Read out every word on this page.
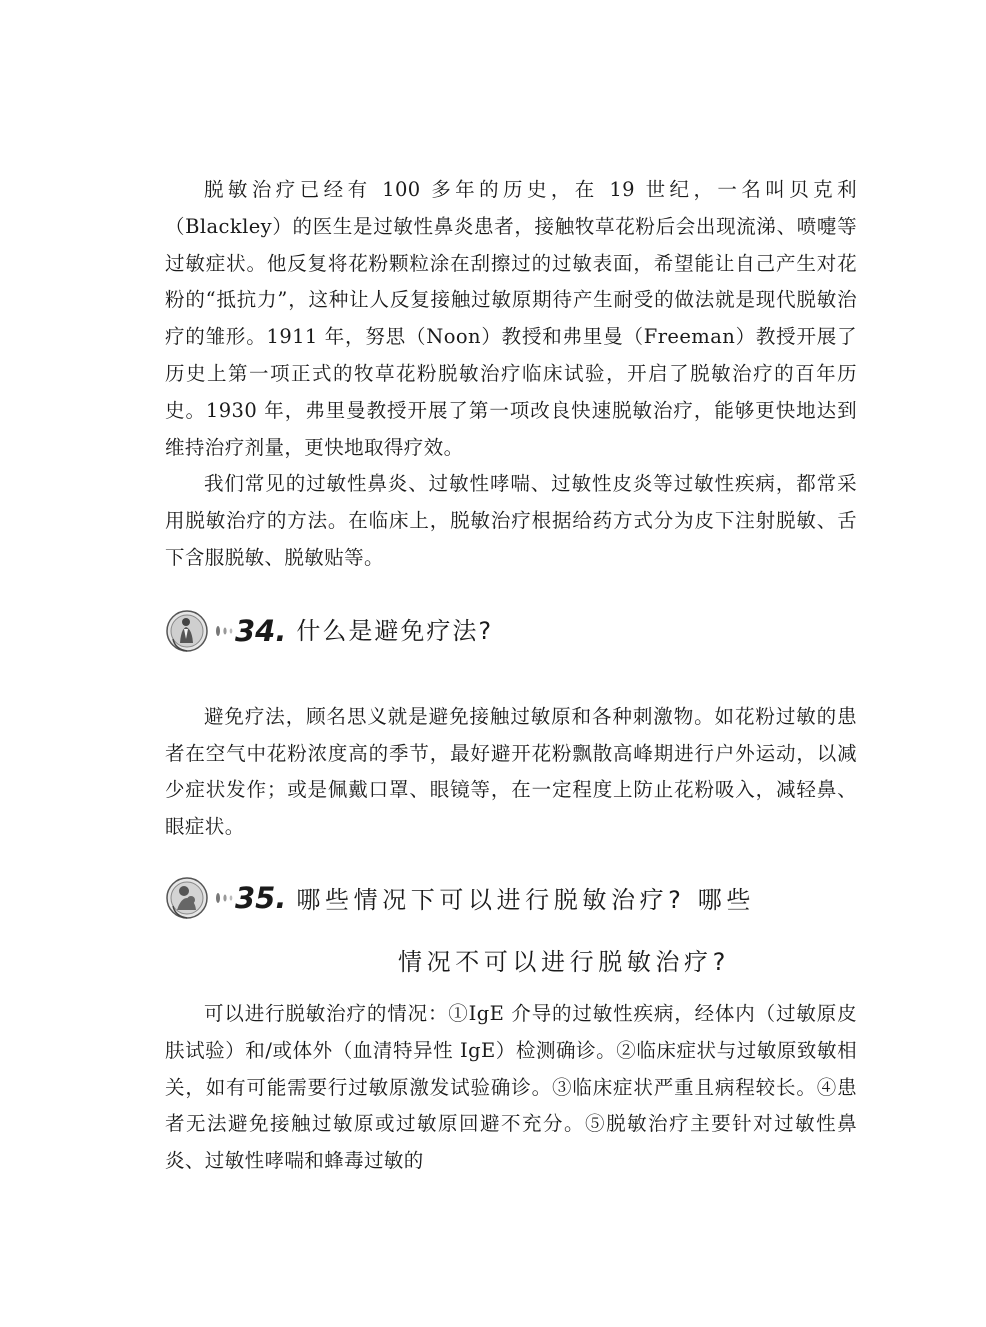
脱敏治疗已经有 100 多年的历史，在 19 世纪，一名叫贝克利（Blackley）的医生是过敏性鼻炎患者，接触牧草花粉后会出现流涕、喷嚏等过敏症状。他反复将花粉颗粒涂在刮擦过的过敏表面，希望能让自己产生对花粉的“抵抗力”，这种让人反复接触过敏原期待产生耐受的做法就是现代脱敏治疗的雏形。1911 年，努思（Noon）教授和弗里曼（Freeman）教授开展了历史上第一项正式的牧草花粉脱敏治疗临床试验，开启了脱敏治疗的百年历史。1930 年，弗里曼教授开展了第一项改良快速脱敏治疗，能够更快地达到维持治疗剂量，更快地取得疗效。

我们常见的过敏性鼻炎、过敏性哮喘、过敏性皮炎等过敏性疾病，都常采用脱敏治疗的方法。在临床上，脱敏治疗根据给药方式分为皮下注射脱敏、舌下含服脱敏、脱敏贴等。

34. 什么是避免疗法?

避免疗法，顾名思义就是避免接触过敏原和各种刺激物。如花粉过敏的患者在空气中花粉浓度高的季节，最好避开花粉飘散高峰期进行户外运动，以减少症状发作；或是佩戴口罩、眼镜等，在一定程度上防止花粉吸入，减轻鼻、眼症状。

35. 哪些情况下可以进行脱敏治疗? 哪些
情况不可以进行脱敏治疗?

可以进行脱敏治疗的情况：①IgE 介导的过敏性疾病，经体内（过敏原皮肤试验）和/或体外（血清特异性 IgE）检测确诊。②临床症状与过敏原致敏相关，如有可能需要行过敏原激发试验确诊。③临床症状严重且病程较长。④患者无法避免接触过敏原或过敏原回避不充分。⑤脱敏治疗主要针对过敏性鼻炎、过敏性哮喘和蜂毒过敏的
